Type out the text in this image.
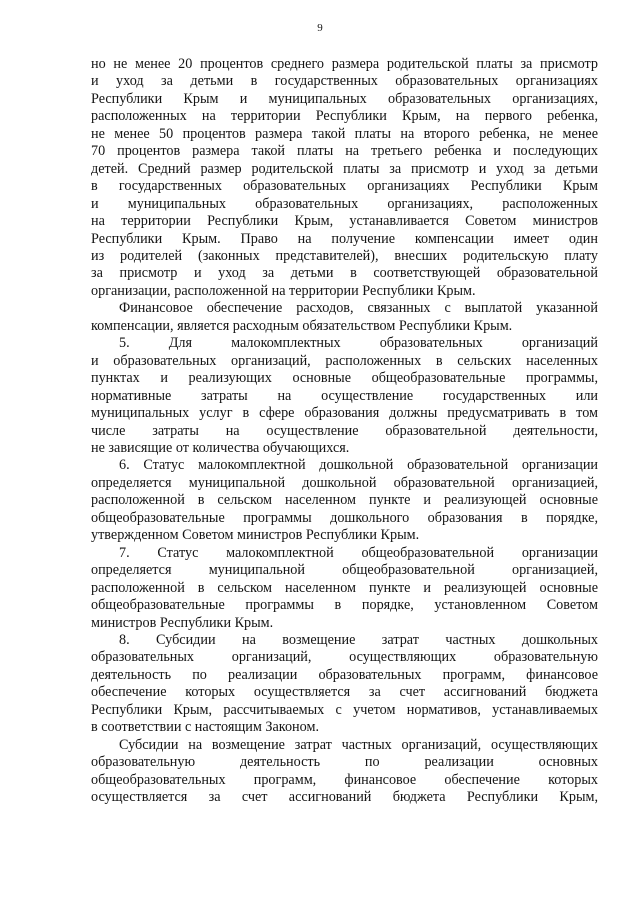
9
но не менее 20 процентов среднего размера родительской платы за присмотр
и уход за детьми в государственных образовательных организациях
Республики Крым и муниципальных образовательных организациях,
расположенных на территории Республики Крым, на первого ребенка,
не менее 50 процентов размера такой платы на второго ребенка, не менее
70 процентов размера такой платы на третьего ребенка и последующих
детей. Средний размер родительской платы за присмотр и уход за детьми
в государственных образовательных организациях Республики Крым
и муниципальных образовательных организациях, расположенных
на территории Республики Крым, устанавливается Советом министров
Республики Крым. Право на получение компенсации имеет один
из родителей (законных представителей), внесших родительскую плату
за присмотр и уход за детьми в соответствующей образовательной
организации, расположенной на территории Республики Крым.
Финансовое обеспечение расходов, связанных с выплатой указанной
компенсации, является расходным обязательством Республики Крым.
5. Для малокомплектных образовательных организаций
и образовательных организаций, расположенных в сельских населенных
пунктах и реализующих основные общеобразовательные программы,
нормативные затраты на осуществление государственных или
муниципальных услуг в сфере образования должны предусматривать в том
числе затраты на осуществление образовательной деятельности,
не зависящие от количества обучающихся.
6. Статус малокомплектной дошкольной образовательной организации
определяется муниципальной дошкольной образовательной организацией,
расположенной в сельском населенном пункте и реализующей основные
общеобразовательные программы дошкольного образования в порядке,
утвержденном Советом министров Республики Крым.
7. Статус малокомплектной общеобразовательной организации
определяется муниципальной общеобразовательной организацией,
расположенной в сельском населенном пункте и реализующей основные
общеобразовательные программы в порядке, установленном Советом
министров Республики Крым.
8. Субсидии на возмещение затрат частных дошкольных
образовательных организаций, осуществляющих образовательную
деятельность по реализации образовательных программ, финансовое
обеспечение которых осуществляется за счет ассигнований бюджета
Республики Крым, рассчитываемых с учетом нормативов, устанавливаемых
в соответствии с настоящим Законом.
Субсидии на возмещение затрат частных организаций, осуществляющих
образовательную деятельность по реализации основных
общеобразовательных программ, финансовое обеспечение которых
осуществляется за счет ассигнований бюджета Республики Крым,
